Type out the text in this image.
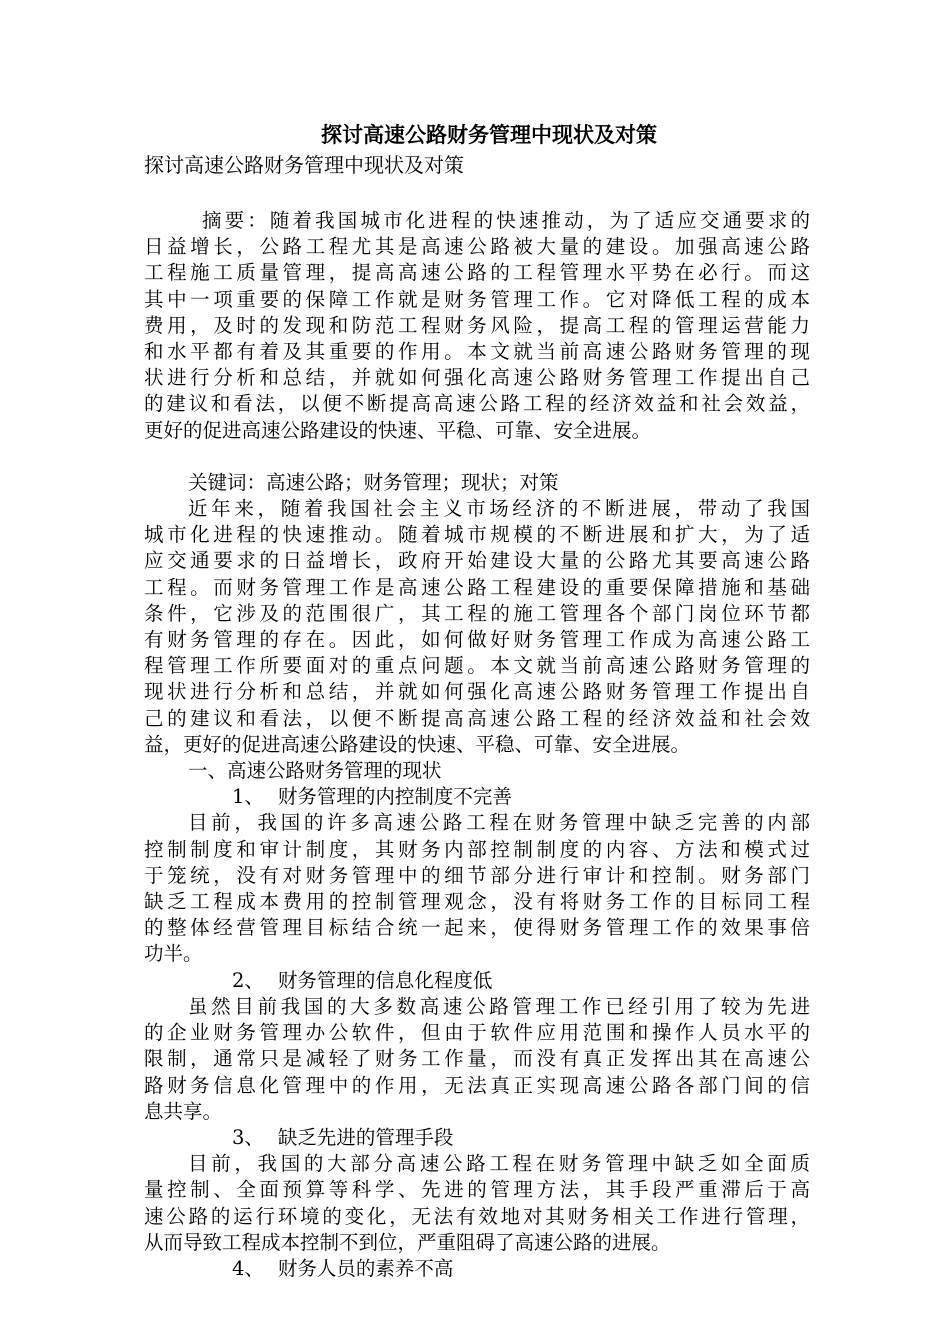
探讨高速公路财务管理中现状及对策
探讨高速公路财务管理中现状及对策
摘要：随着我国城市化进程的快速推动，为了适应交通要求的
日益增长，公路工程尤其是高速公路被大量的建设。加强高速公路
工程施工质量管理，提高高速公路的工程管理水平势在必行。而这
其中一项重要的保障工作就是财务管理工作。它对降低工程的成本
费用，及时的发现和防范工程财务风险，提高工程的管理运营能力
和水平都有着及其重要的作用。本文就当前高速公路财务管理的现
状进行分析和总结，并就如何强化高速公路财务管理工作提出自己
的建议和看法，以便不断提高高速公路工程的经济效益和社会效益，
更好的促进高速公路建设的快速、平稳、可靠、安全进展。
关键词：高速公路；财务管理；现状；对策
近年来，随着我国社会主义市场经济的不断进展，带动了我国
城市化进程的快速推动。随着城市规模的不断进展和扩大，为了适
应交通要求的日益增长，政府开始建设大量的公路尤其要高速公路
工程。而财务管理工作是高速公路工程建设的重要保障措施和基础
条件，它涉及的范围很广，其工程的施工管理各个部门岗位环节都
有财务管理的存在。因此，如何做好财务管理工作成为高速公路工
程管理工作所要面对的重点问题。本文就当前高速公路财务管理的
现状进行分析和总结，并就如何强化高速公路财务管理工作提出自
己的建议和看法，以便不断提高高速公路工程的经济效益和社会效
益，更好的促进高速公路建设的快速、平稳、可靠、安全进展。
一、高速公路财务管理的现状
1、 财务管理的内控制度不完善
目前，我国的许多高速公路工程在财务管理中缺乏完善的内部
控制制度和审计制度，其财务内部控制制度的内容、方法和模式过
于笼统，没有对财务管理中的细节部分进行审计和控制。财务部门
缺乏工程成本费用的控制管理观念，没有将财务工作的目标同工程
的整体经营管理目标结合统一起来，使得财务管理工作的效果事倍
功半。
2、 财务管理的信息化程度低
虽然目前我国的大多数高速公路管理工作已经引用了较为先进
的企业财务管理办公软件，但由于软件应用范围和操作人员水平的
限制，通常只是减轻了财务工作量，而没有真正发挥出其在高速公
路财务信息化管理中的作用，无法真正实现高速公路各部门间的信
息共享。
3、 缺乏先进的管理手段
目前，我国的大部分高速公路工程在财务管理中缺乏如全面质
量控制、全面预算等科学、先进的管理方法，其手段严重滞后于高
速公路的运行环境的变化，无法有效地对其财务相关工作进行管理，
从而导致工程成本控制不到位，严重阻碍了高速公路的进展。
4、 财务人员的素养不高
